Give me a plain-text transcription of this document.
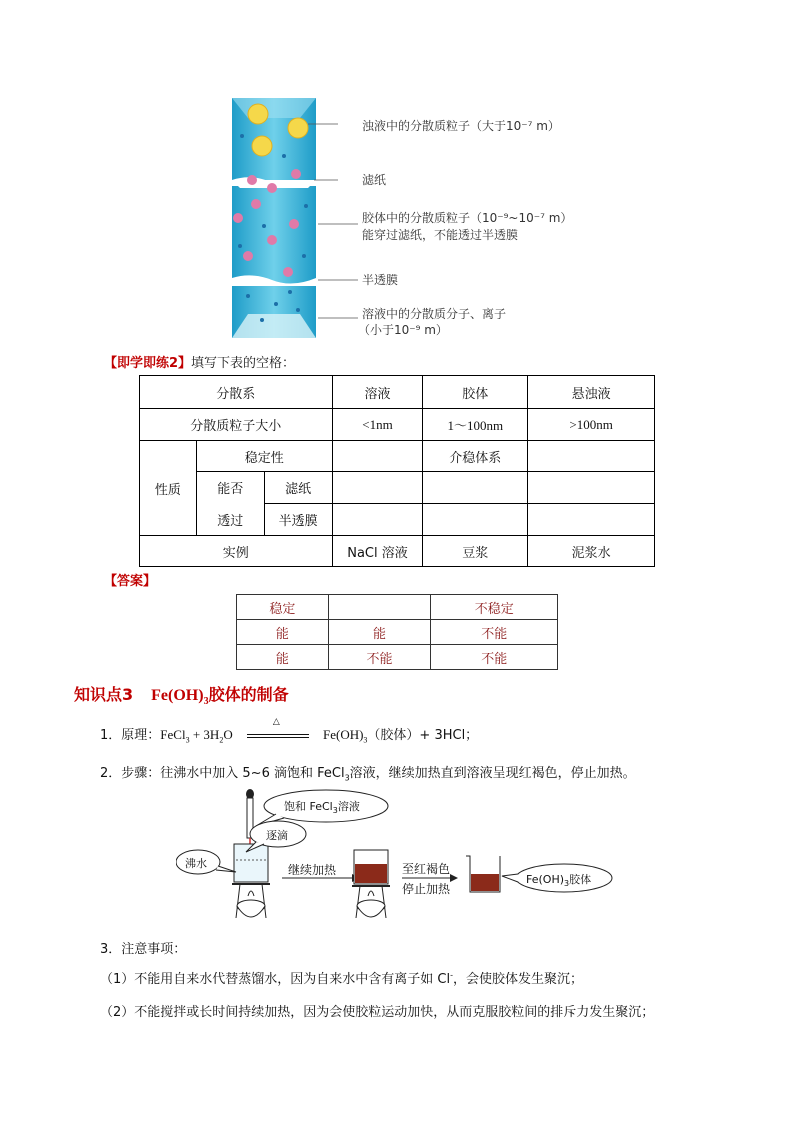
浊液中的分散质粒子（大于10⁻⁷ m）
滤纸
胶体中的分散质粒子（10⁻⁹~10⁻⁷ m）
能穿过滤纸，不能透过半透膜
半透膜
溶液中的分散质分子、离子
（小于10⁻⁹ m）
【即学即练2】填写下表的空格：
分散系			溶液	胶体	悬浊液
分散质粒子大小			<1nm	1～100nm	>100nm
性质	稳定性			介稳体系	
	能否	滤纸			
	透过	半透膜			
实例			NaCl 溶液	豆浆	泥浆水
【答案】
稳定		不稳定
能	能	不能
能	不能	不能
知识点3 $Fe(OH)_3$胶体的制备
1．原理：FeCl$_3$ + $3H_2O$
△
$Fe(OH)_3$（胶体）+ 3HCl；
2．步骤：往沸水中加入 5~6 滴饱和 FeCl$_3$溶液，继续加热直到溶液呈现红褐色，停止加热。
饱和 FeCl$_3$溶液
逐滴
沸水	继续加热	至红褐色
停止加热
$Fe(OH)_3$胶体
3．注意事项：
（1）不能用自来水代替蒸馏水，因为自来水中含有离子如 Cl-，会使胶体发生聚沉；
（2）不能搅拌或长时间持续加热，因为会使胶粒运动加快，从而克服胶粒间的排斥力发生聚沉；
